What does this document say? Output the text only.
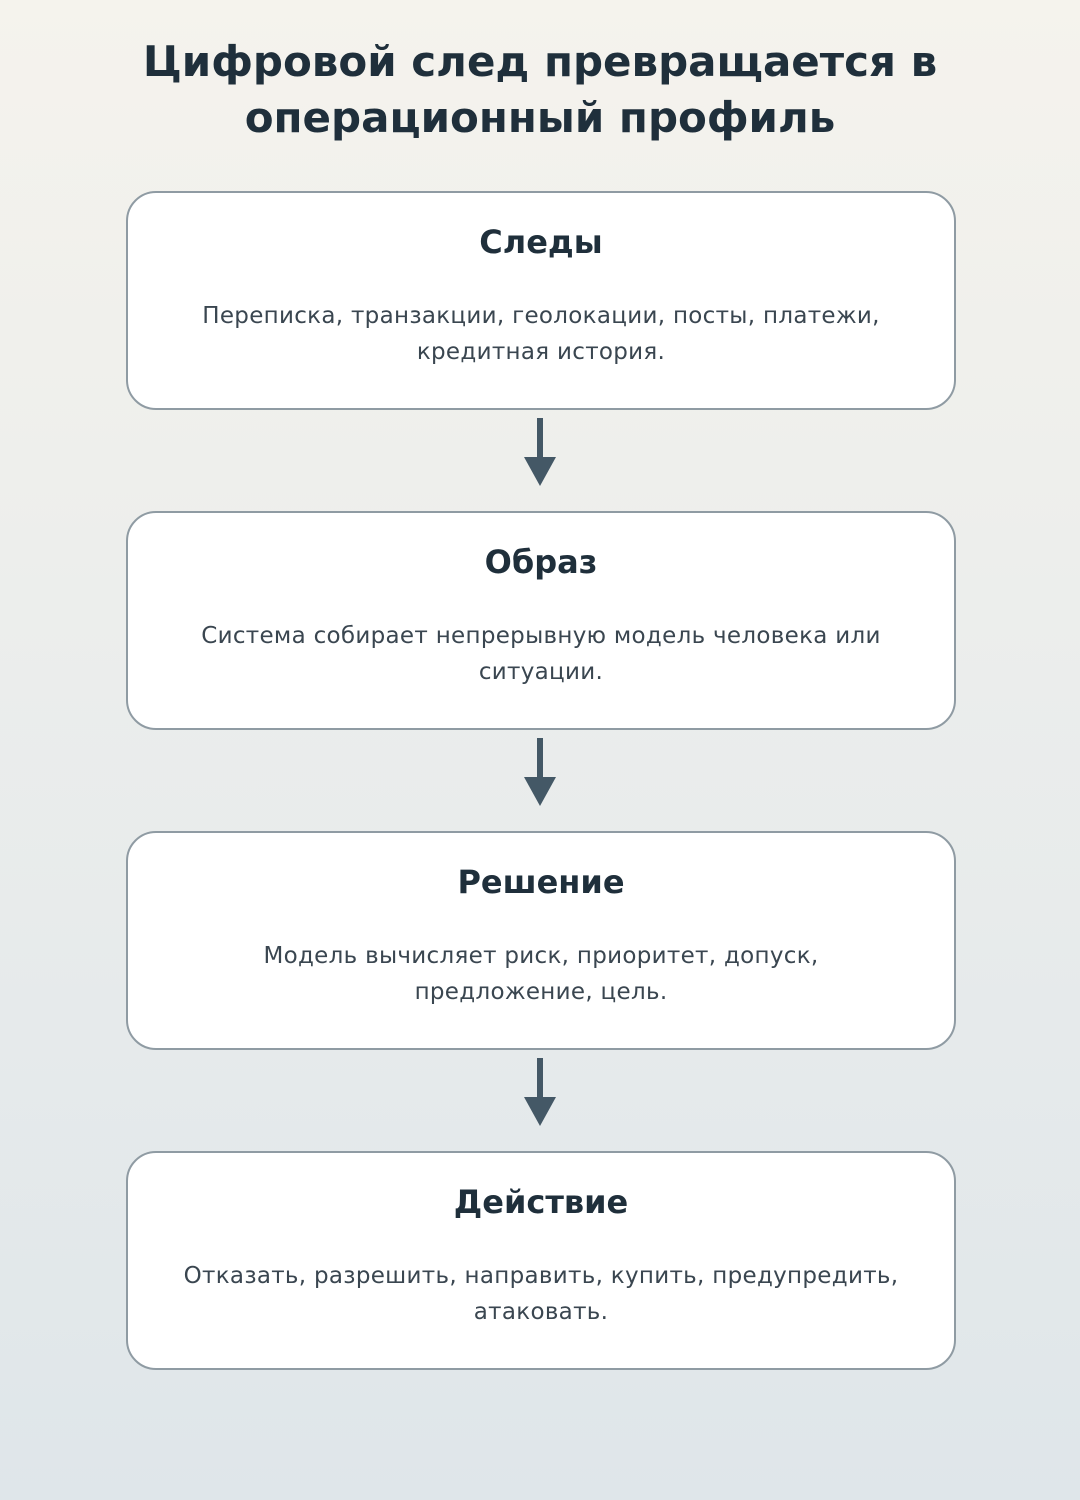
Цифровой след превращается в
операционный профиль
Следы
Переписка, транзакции, геолокации, посты, платежи, кредитная история.
Образ
Система собирает непрерывную модель человека или ситуации.
Решение
Модель вычисляет риск, приоритет, допуск, предложение, цель.
Действие
Отказать, разрешить, направить, купить, предупредить, атаковать.
